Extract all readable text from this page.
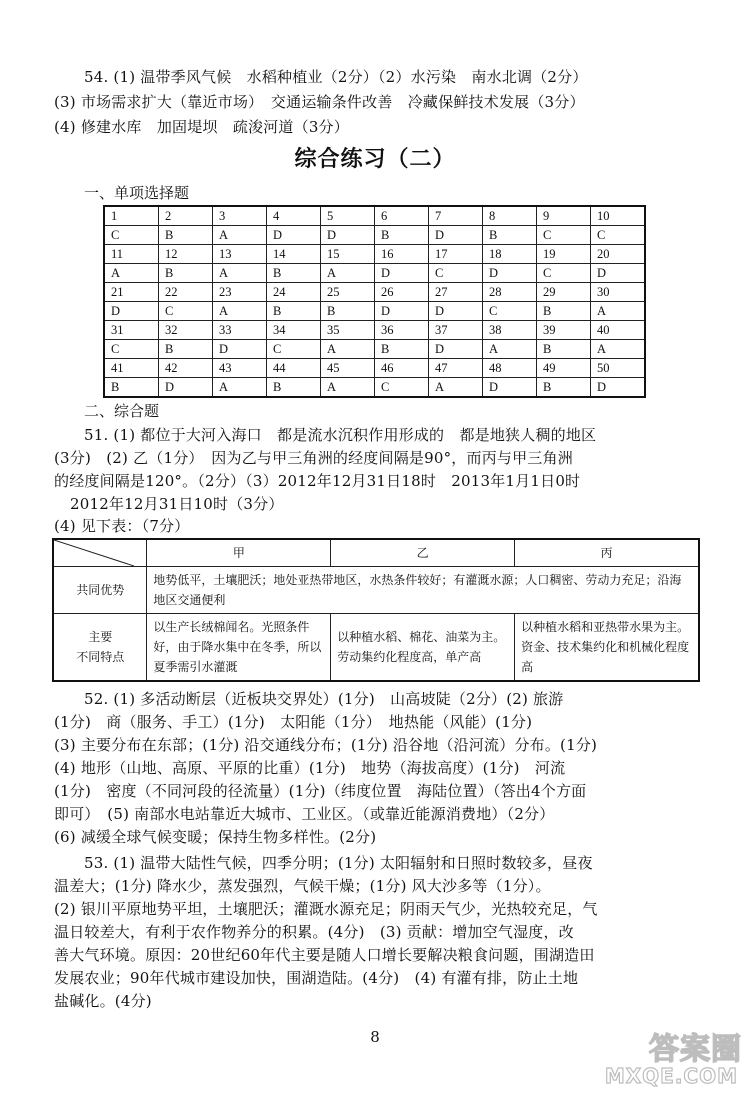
54. (1) 温带季风气候　水稻种植业（2分）（2）水污染　南水北调（2分）
(3) 市场需求扩大（靠近市场）　交通运输条件改善　冷藏保鲜技术发展（3分）
(4) 修建水库　加固堤坝　疏浚河道（3分）
综合练习（二）
一、单项选择题
1	2	3	4	5	6	7	8	9	10
C	B	A	D	D	B	D	B	C	C
11	12	13	14	15	16	17	18	19	20
A	B	A	B	A	D	C	D	C	D
21	22	23	24	25	26	27	28	29	30
D	C	A	B	B	D	D	C	B	A
31	32	33	34	35	36	37	38	39	40
C	B	D	C	A	B	D	A	B	A
41	42	43	44	45	46	47	48	49	50
B	D	A	B	A	C	A	D	B	D
二、综合题
51. (1) 都位于大河入海口　都是流水沉积作用形成的　都是地狭人稠的地区
(3分)　(2) 乙（1分）　因为乙与甲三角洲的经度间隔是90°，而丙与甲三角洲
的经度间隔是120°。（2分）（3）2012年12月31日18时　2013年1月1日0时
2012年12月31日10时（3分）
(4) 见下表：（7分）
	甲	乙	丙
共同优势	地势低平，土壤肥沃；地处亚热带地区，水热条件较好；有灌溉水源；人口稠密、劳动力充足；沿海地区交通便利		
主要
不同特点	以生产长绒棉闻名。光照条件好，由于降水集中在冬季，所以夏季需引水灌溉	以种植水稻、棉花、油菜为主。劳动集约化程度高，单产高	以种植水稻和亚热带水果为主。资金、技术集约化和机械化程度高
52. (1) 多活动断层（近板块交界处）(1分)　山高坡陡（2分）(2) 旅游
(1分)　商（服务、手工）(1分)　太阳能（1分）　地热能（风能）(1分)
(3) 主要分布在东部；(1分) 沿交通线分布；(1分) 沿谷地（沿河流）分布。(1分)
(4) 地形（山地、高原、平原的比重）(1分)　地势（海拔高度）(1分)　河流
(1分)　密度（不同河段的径流量）(1分)（纬度位置　海陆位置）（答出4个方面
即可）　(5) 南部水电站靠近大城市、工业区。（或靠近能源消费地）（2分）
(6) 减缓全球气候变暖；保持生物多样性。(2分)
53. (1) 温带大陆性气候，四季分明；(1分) 太阳辐射和日照时数较多，昼夜
温差大；(1分) 降水少，蒸发强烈，气候干燥；(1分) 风大沙多等（1分）。
(2) 银川平原地势平坦，土壤肥沃；灌溉水源充足；阴雨天气少，光热较充足，气
温日较差大，有利于农作物养分的积累。(4分)　(3) 贡献：增加空气湿度，改
善大气环境。原因：20世纪60年代主要是随人口增长要解决粮食问题，围湖造田
发展农业；90年代城市建设加快，围湖造陆。(4分)　(4) 有灌有排，防止土地
盐碱化。(4分)
8	答案圈
MXQE.COM
